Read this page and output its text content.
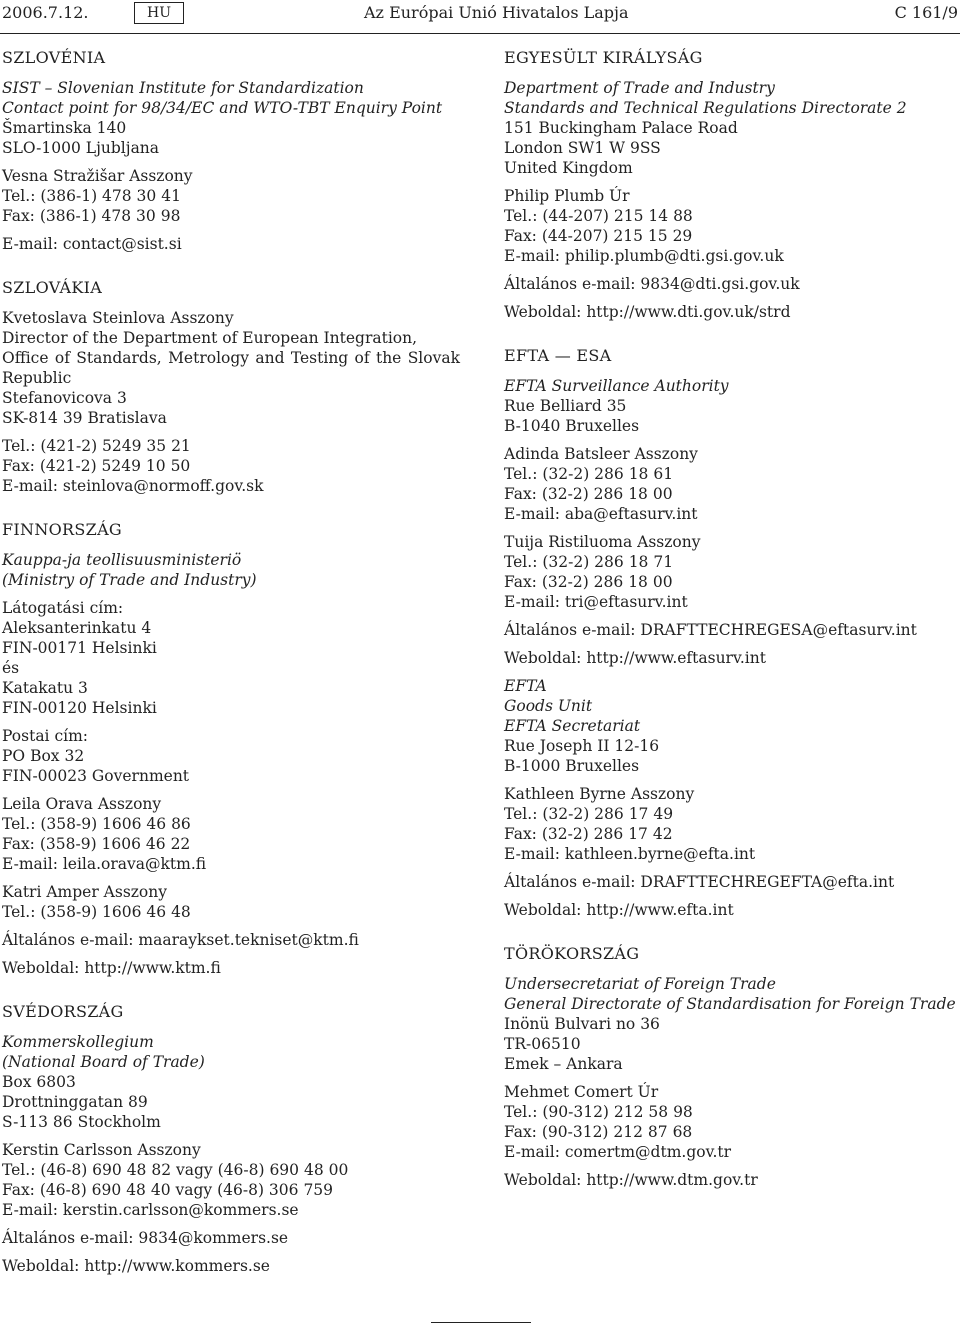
2006.7.12.	HU	Az Európai Unió Hivatalos Lapja	C 161/9
SZLOVÉNIA
SIST – Slovenian Institute for Standardization
Contact point for 98/34/EC and WTO-TBT Enquiry Point
Šmartinska 140
SLO-1000 Ljubljana
Vesna Stražišar Asszony
Tel.: (386-1) 478 30 41
Fax: (386-1) 478 30 98
E-mail: contact@sist.si
SZLOVÁKIA
Kvetoslava Steinlova Asszony
Director of the Department of European Integration,
Office of Standards, Metrology and Testing of the Slovak Republic
Stefanovicova 3
SK-814 39 Bratislava
Tel.: (421-2) 5249 35 21
Fax: (421-2) 5249 10 50
E-mail: steinlova@normoff.gov.sk
FINNORSZÁG
Kauppa-ja teollisuusministeriö
(Ministry of Trade and Industry)
Látogatási cím:
Aleksanterinkatu 4
FIN-00171 Helsinki
és
Katakatu 3
FIN-00120 Helsinki
Postai cím:
PO Box 32
FIN-00023 Government
Leila Orava Asszony
Tel.: (358-9) 1606 46 86
Fax: (358-9) 1606 46 22
E-mail: leila.orava@ktm.fi
Katri Amper Asszony
Tel.: (358-9) 1606 46 48
Általános e-mail: maaraykset.tekniset@ktm.fi
Weboldal: http://www.ktm.fi
SVÉDORSZÁG
Kommerskollegium
(National Board of Trade)
Box 6803
Drottninggatan 89
S-113 86 Stockholm
Kerstin Carlsson Asszony
Tel.: (46-8) 690 48 82 vagy (46-8) 690 48 00
Fax: (46-8) 690 48 40 vagy (46-8) 306 759
E-mail: kerstin.carlsson@kommers.se
Általános e-mail: 9834@kommers.se
Weboldal: http://www.kommers.se
EGYESÜLT KIRÁLYSÁG
Department of Trade and Industry
Standards and Technical Regulations Directorate 2
151 Buckingham Palace Road
London SW1 W 9SS
United Kingdom
Philip Plumb Úr
Tel.: (44-207) 215 14 88
Fax: (44-207) 215 15 29
E-mail: philip.plumb@dti.gsi.gov.uk
Általános e-mail: 9834@dti.gsi.gov.uk
Weboldal: http://www.dti.gov.uk/strd
EFTA — ESA
EFTA Surveillance Authority
Rue Belliard 35
B-1040 Bruxelles
Adinda Batsleer Asszony
Tel.: (32-2) 286 18 61
Fax: (32-2) 286 18 00
E-mail: aba@eftasurv.int
Tuija Ristiluoma Asszony
Tel.: (32-2) 286 18 71
Fax: (32-2) 286 18 00
E-mail: tri@eftasurv.int
Általános e-mail: DRAFTTECHREGESA@eftasurv.int
Weboldal: http://www.eftasurv.int
EFTA
Goods Unit
EFTA Secretariat
Rue Joseph II 12-16
B-1000 Bruxelles
Kathleen Byrne Asszony
Tel.: (32-2) 286 17 49
Fax: (32-2) 286 17 42
E-mail: kathleen.byrne@efta.int
Általános e-mail: DRAFTTECHREGEFTA@efta.int
Weboldal: http://www.efta.int
TÖRÖKORSZÁG
Undersecretariat of Foreign Trade
General Directorate of Standardisation for Foreign Trade
Inönü Bulvari no 36
TR-06510
Emek – Ankara
Mehmet Comert Úr
Tel.: (90-312) 212 58 98
Fax: (90-312) 212 87 68
E-mail: comertm@dtm.gov.tr
Weboldal: http://www.dtm.gov.tr
